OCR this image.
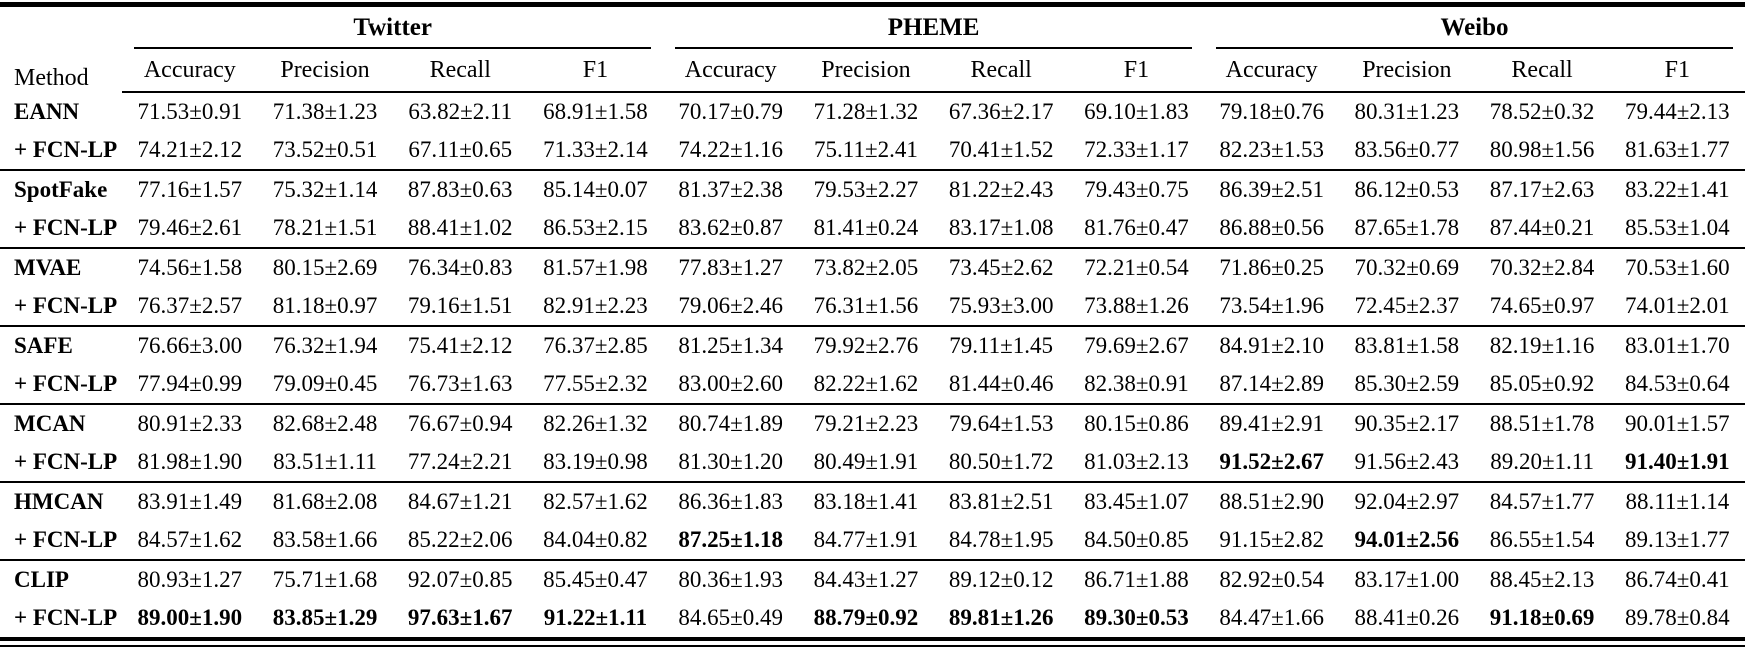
Method	Twitter				PHEME				Weibo			

	Accuracy	Precision	Recall	F1	Accuracy	Precision	Recall	F1	Accuracy	Precision	Recall	F1
EANN	71.53±0.91	71.38±1.23	63.82±2.11	68.91±1.58	70.17±0.79	71.28±1.32	67.36±2.17	69.10±1.83	79.18±0.76	80.31±1.23	78.52±0.32	79.44±2.13
+ FCN-LP	74.21±2.12	73.52±0.51	67.11±0.65	71.33±2.14	74.22±1.16	75.11±2.41	70.41±1.52	72.33±1.17	82.23±1.53	83.56±0.77	80.98±1.56	81.63±1.77
SpotFake	77.16±1.57	75.32±1.14	87.83±0.63	85.14±0.07	81.37±2.38	79.53±2.27	81.22±2.43	79.43±0.75	86.39±2.51	86.12±0.53	87.17±2.63	83.22±1.41
+ FCN-LP	79.46±2.61	78.21±1.51	88.41±1.02	86.53±2.15	83.62±0.87	81.41±0.24	83.17±1.08	81.76±0.47	86.88±0.56	87.65±1.78	87.44±0.21	85.53±1.04
MVAE	74.56±1.58	80.15±2.69	76.34±0.83	81.57±1.98	77.83±1.27	73.82±2.05	73.45±2.62	72.21±0.54	71.86±0.25	70.32±0.69	70.32±2.84	70.53±1.60
+ FCN-LP	76.37±2.57	81.18±0.97	79.16±1.51	82.91±2.23	79.06±2.46	76.31±1.56	75.93±3.00	73.88±1.26	73.54±1.96	72.45±2.37	74.65±0.97	74.01±2.01
SAFE	76.66±3.00	76.32±1.94	75.41±2.12	76.37±2.85	81.25±1.34	79.92±2.76	79.11±1.45	79.69±2.67	84.91±2.10	83.81±1.58	82.19±1.16	83.01±1.70
+ FCN-LP	77.94±0.99	79.09±0.45	76.73±1.63	77.55±2.32	83.00±2.60	82.22±1.62	81.44±0.46	82.38±0.91	87.14±2.89	85.30±2.59	85.05±0.92	84.53±0.64
MCAN	80.91±2.33	82.68±2.48	76.67±0.94	82.26±1.32	80.74±1.89	79.21±2.23	79.64±1.53	80.15±0.86	89.41±2.91	90.35±2.17	88.51±1.78	90.01±1.57
+ FCN-LP	81.98±1.90	83.51±1.11	77.24±2.21	83.19±0.98	81.30±1.20	80.49±1.91	80.50±1.72	81.03±2.13	91.52±2.67	91.56±2.43	89.20±1.11	91.40±1.91
HMCAN	83.91±1.49	81.68±2.08	84.67±1.21	82.57±1.62	86.36±1.83	83.18±1.41	83.81±2.51	83.45±1.07	88.51±2.90	92.04±2.97	84.57±1.77	88.11±1.14
+ FCN-LP	84.57±1.62	83.58±1.66	85.22±2.06	84.04±0.82	87.25±1.18	84.77±1.91	84.78±1.95	84.50±0.85	91.15±2.82	94.01±2.56	86.55±1.54	89.13±1.77
CLIP	80.93±1.27	75.71±1.68	92.07±0.85	85.45±0.47	80.36±1.93	84.43±1.27	89.12±0.12	86.71±1.88	82.92±0.54	83.17±1.00	88.45±2.13	86.74±0.41
+ FCN-LP	89.00±1.90	83.85±1.29	97.63±1.67	91.22±1.11	84.65±0.49	88.79±0.92	89.81±1.26	89.30±0.53	84.47±1.66	88.41±0.26	91.18±0.69	89.78±0.84
